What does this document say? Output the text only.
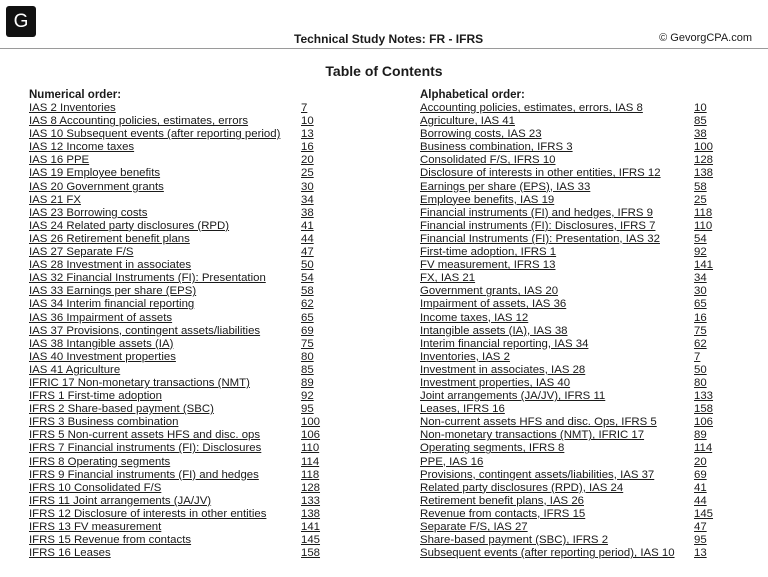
G
Technical Study Notes: FR - IFRS	© GevorgCPA.com
Table of Contents
Numerical order:
IAS 2 Inventories	7
IAS 8 Accounting policies, estimates, errors	10
IAS 10 Subsequent events (after reporting period) 13
IAS 12 Income taxes	16
IAS 16 PPE	20
IAS 19 Employee benefits	25
IAS 20 Government grants	30
IAS 21 FX	34
IAS 23 Borrowing costs	38
IAS 24 Related party disclosures (RPD)	41
IAS 26 Retirement benefit plans	44
IAS 27 Separate F/S	47
IAS 28 Investment in associates	50
IAS 32 Financial Instruments (FI): Presentation	54
IAS 33 Earnings per share (EPS)	58
IAS 34 Interim financial reporting	62
IAS 36 Impairment of assets	65
IAS 37 Provisions, contingent assets/liabilities	69
IAS 38 Intangible assets (IA)	75
IAS 40 Investment properties	80
IAS 41 Agriculture	85
IFRIC 17 Non-monetary transactions (NMT)	89
IFRS 1 First-time adoption	92
IFRS 2 Share-based payment (SBC)	95
IFRS 3 Business combination	100
IFRS 5 Non-current assets HFS and disc. ops	106
IFRS 7 Financial instruments (FI): Disclosures	110
IFRS 8 Operating segments	114
IFRS 9 Financial instruments (FI) and hedges	118
IFRS 10 Consolidated F/S	128
IFRS 11 Joint arrangements (JA/JV)	133
IFRS 12 Disclosure of interests in other entities	138
IFRS 13 FV measurement	141
IFRS 15 Revenue from contacts	145
IFRS 16 Leases	158
Alphabetical order:
Accounting policies, estimates, errors, IAS 8	10
Agriculture, IAS 41	85
Borrowing costs, IAS 23	38
Business combination, IFRS 3	100
Consolidated F/S, IFRS 10	128
Disclosure of interests in other entities, IFRS 12	138
Earnings per share (EPS), IAS 33	58
Employee benefits, IAS 19	25
Financial instruments (FI) and hedges, IFRS 9	118
Financial instruments (FI): Disclosures, IFRS 7	110
Financial Instruments (FI): Presentation, IAS 32	54
First-time adoption, IFRS 1	92
FV measurement, IFRS 13	141
FX, IAS 21	34
Government grants, IAS 20	30
Impairment of assets, IAS 36	65
Income taxes, IAS 12	16
Intangible assets (IA), IAS 38	75
Interim financial reporting, IAS 34	62
Inventories, IAS 2	7
Investment in associates, IAS 28	50
Investment properties, IAS 40	80
Joint arrangements (JA/JV), IFRS 11	133
Leases, IFRS 16	158
Non-current assets HFS and disc. Ops, IFRS 5	106
Non-monetary transactions (NMT), IFRIC 17	89
Operating segments, IFRS 8	114
PPE, IAS 16	20
Provisions, contingent assets/liabilities, IAS 37	69
Related party disclosures (RPD), IAS 24	41
Retirement benefit plans, IAS 26	44
Revenue from contacts, IFRS 15	145
Separate F/S, IAS 27	47
Share-based payment (SBC), IFRS 2	95
Subsequent events (after reporting period), IAS 10 13
